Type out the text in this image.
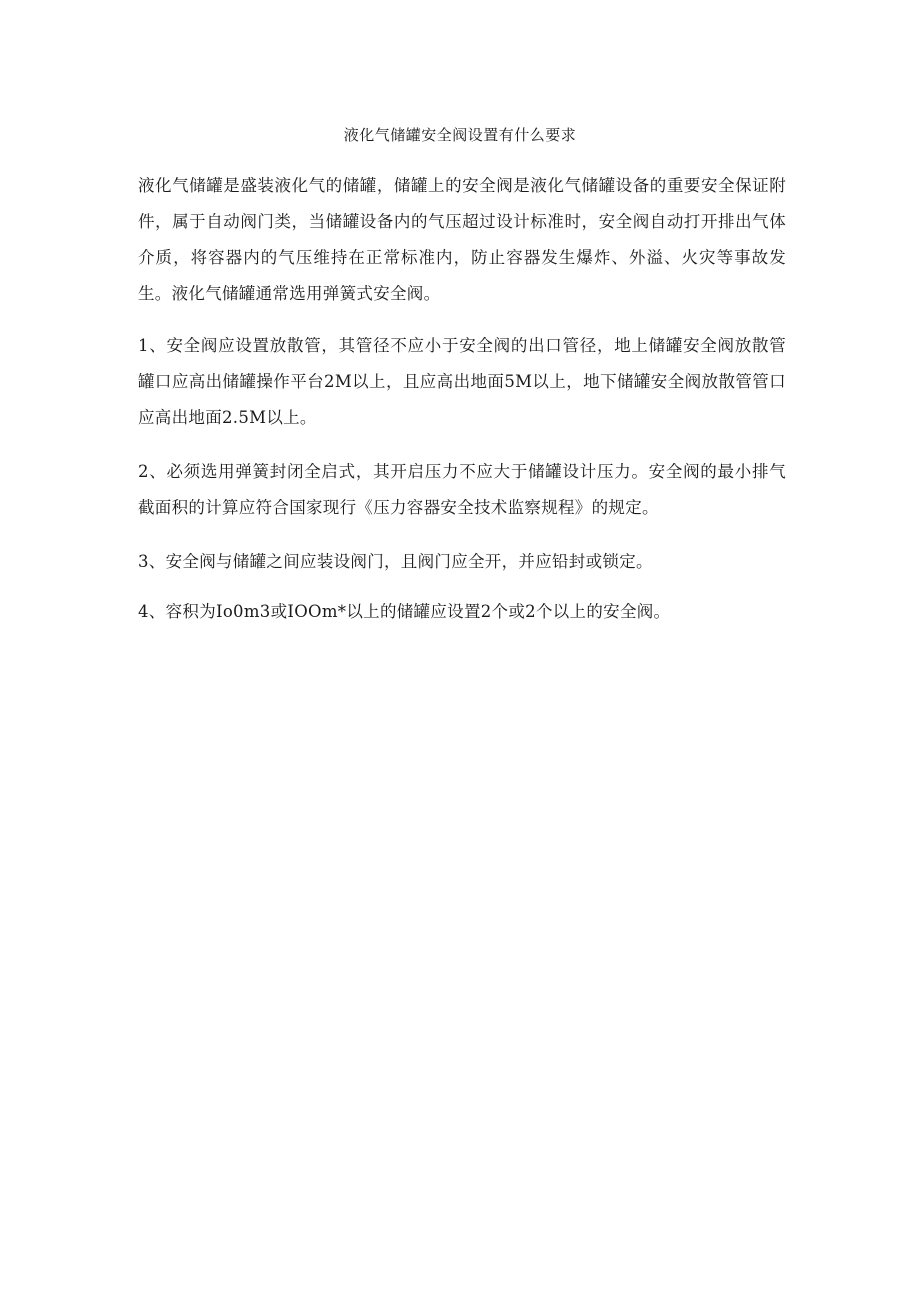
液化气储罐安全阀设置有什么要求

液化气储罐是盛装液化气的储罐，储罐上的安全阀是液化气储罐设备的重要安全保证附件，属于自动阀门类，当储罐设备内的气压超过设计标准时，安全阀自动打开排出气体介质，将容器内的气压维持在正常标准内，防止容器发生爆炸、外溢、火灾等事故发生。液化气储罐通常选用弹簧式安全阀。

1、安全阀应设置放散管，其管径不应小于安全阀的出口管径，地上储罐安全阀放散管罐口应高出储罐操作平台2M以上，且应高出地面5M以上，地下储罐安全阀放散管管口应高出地面2.5M以上。

2、必须选用弹簧封闭全启式，其开启压力不应大于储罐设计压力。安全阀的最小排气截面积的计算应符合国家现行《压力容器安全技术监察规程》的规定。

3、安全阀与储罐之间应装设阀门，且阀门应全开，并应铅封或锁定。

4、容积为Io0m3或IOOm*以上的储罐应设置2个或2个以上的安全阀。
